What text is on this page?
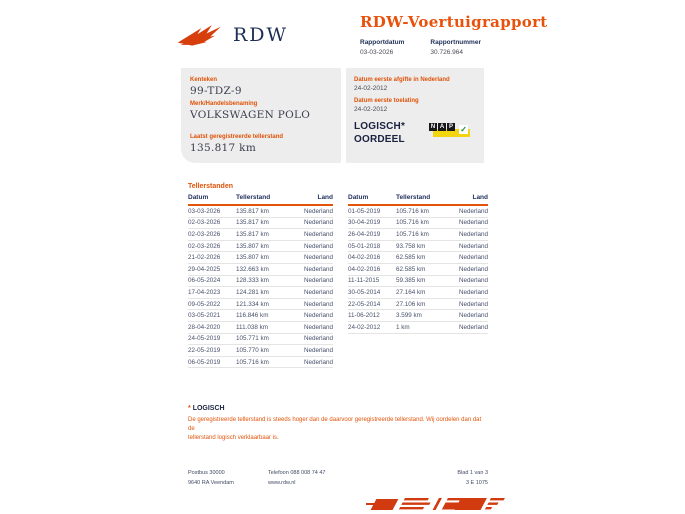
RDW
RDW-Voertuigrapport
Rapportdatum
03-03-2026
Rapportnummer
30.726.964
Kenteken
99-TDZ-9
Merk/Handelsbenaming
VOLKSWAGEN POLO
Laatst geregistreerde tellerstand
135.817 km
Datum eerste afgifte in Nederland
24-02-2012
Datum eerste toelating
24-02-2012
LOGISCH*
OORDEEL
N A P ✓
Tellerstanden
Datum	Tellerstand	Land
03-03-2026	135.817 km	Nederland
02-03-2026	135.817 km	Nederland
02-03-2026	135.817 km	Nederland
02-03-2026	135.807 km	Nederland
21-02-2026	135.807 km	Nederland
29-04-2025	132.663 km	Nederland
06-05-2024	128.333 km	Nederland
17-04-2023	124.281 km	Nederland
09-05-2022	121.334 km	Nederland
03-05-2021	116.846 km	Nederland
28-04-2020	111.038 km	Nederland
24-05-2019	105.771 km	Nederland
22-05-2019	105.770 km	Nederland
06-05-2019	105.716 km	Nederland
Datum	Tellerstand	Land
01-05-2019	105.716 km	Nederland
30-04-2019	105.716 km	Nederland
26-04-2019	105.716 km	Nederland
05-01-2018	93.758 km	Nederland
04-02-2016	62.585 km	Nederland
04-02-2016	62.585 km	Nederland
11-11-2015	59.385 km	Nederland
30-05-2014	27.164 km	Nederland
22-05-2014	27.106 km	Nederland
11-06-2012	3.599 km	Nederland
24-02-2012	1 km	Nederland
* LOGISCH
De geregistreerde tellerstand is steeds hoger dan de daarvoor geregistreerde tellerstand. Wij oordelen dan dat de
tellerstand logisch verklaarbaar is.
Postbus 30000
9640 RA Veendam
Telefoon 088 008 74 47
www.rdw.nl
Blad 1 van 3
3 E 1075
